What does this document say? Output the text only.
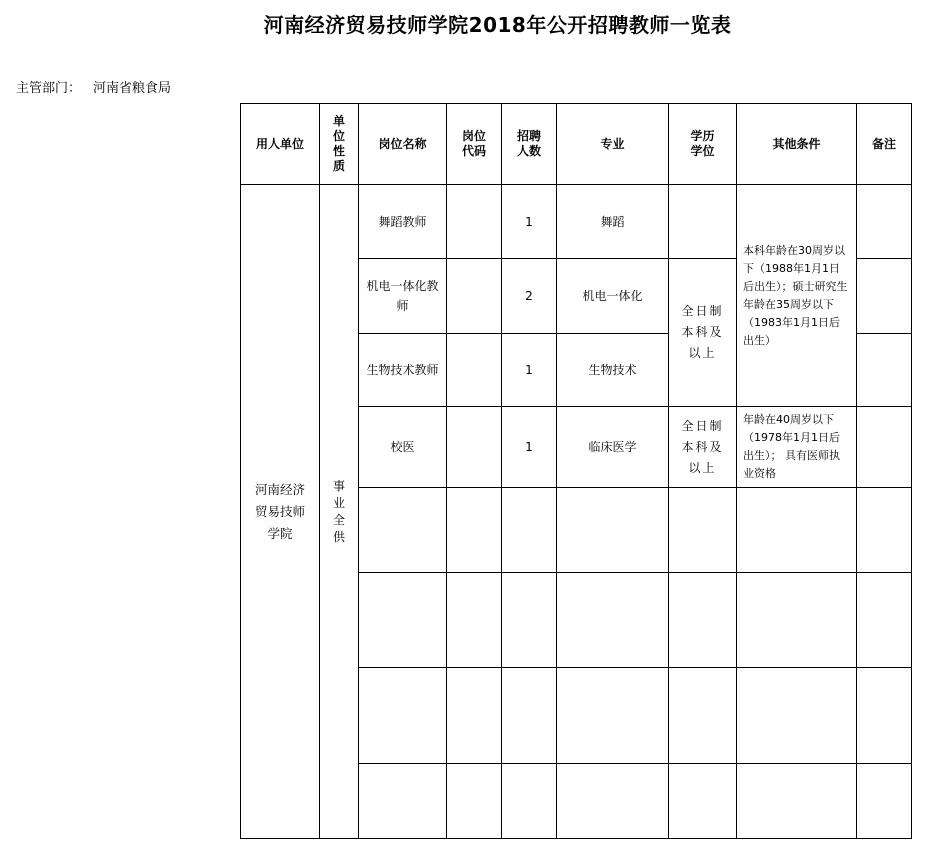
河南经济贸易技师学院2018年公开招聘教师一览表
主管部门： 河南省粮食局
用人单位	单位性质	岗位名称	岗位代码	招聘人数	专业	学历学位	其他条件	备注
河南经济贸易技师学院	事业全供	舞蹈教师		1	舞蹈		本科年龄在30周岁以下（1988年1月1日后出生）；硕士研究生年龄在35周岁以下（1983年1月1日后出生）	

		机电一体化教师		2	机电一体化	全日制本科及以上		
		生物技术教师		1	生物技术			
		校医		1	临床医学	全日制本科及以上	年龄在40周岁以下（1978年1月1日后出生）； 具有医师执业资格	
